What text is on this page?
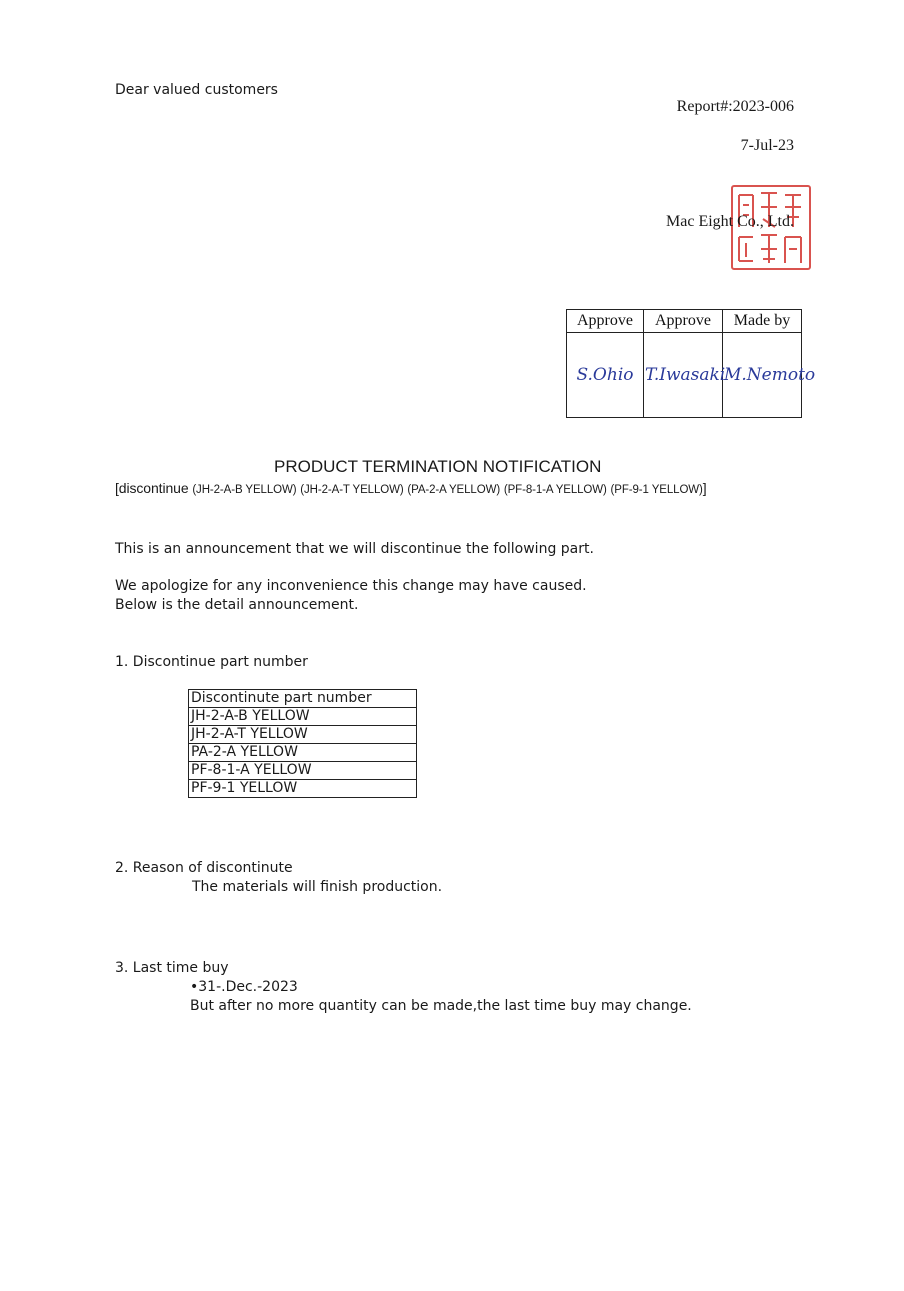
Dear valued customers
Report#:2023-006
7-Jul-23
Mac Eight Co., Ltd.
Approve	Approve	Made by
S.Ohio	T.Iwasaki	M.Nemoto
PRODUCT TERMINATION NOTIFICATION
[discontinue (JH-2-A-B YELLOW) (JH-2-A-T YELLOW) (PA-2-A YELLOW) (PF-8-1-A YELLOW) (PF-9-1 YELLOW)]
This is an announcement that we will discontinue the following part.
We apologize for any inconvenience this change may have caused.
Below is the detail announcement.
1. Discontinue part number
Discontinute part number
JH-2-A-B YELLOW
JH-2-A-T YELLOW
PA-2-A YELLOW
PF-8-1-A YELLOW
PF-9-1 YELLOW
2. Reason of discontinute
The materials will finish production.
3. Last time buy
•31-.Dec.-2023
But after no more quantity can be made,the last time buy may change.
